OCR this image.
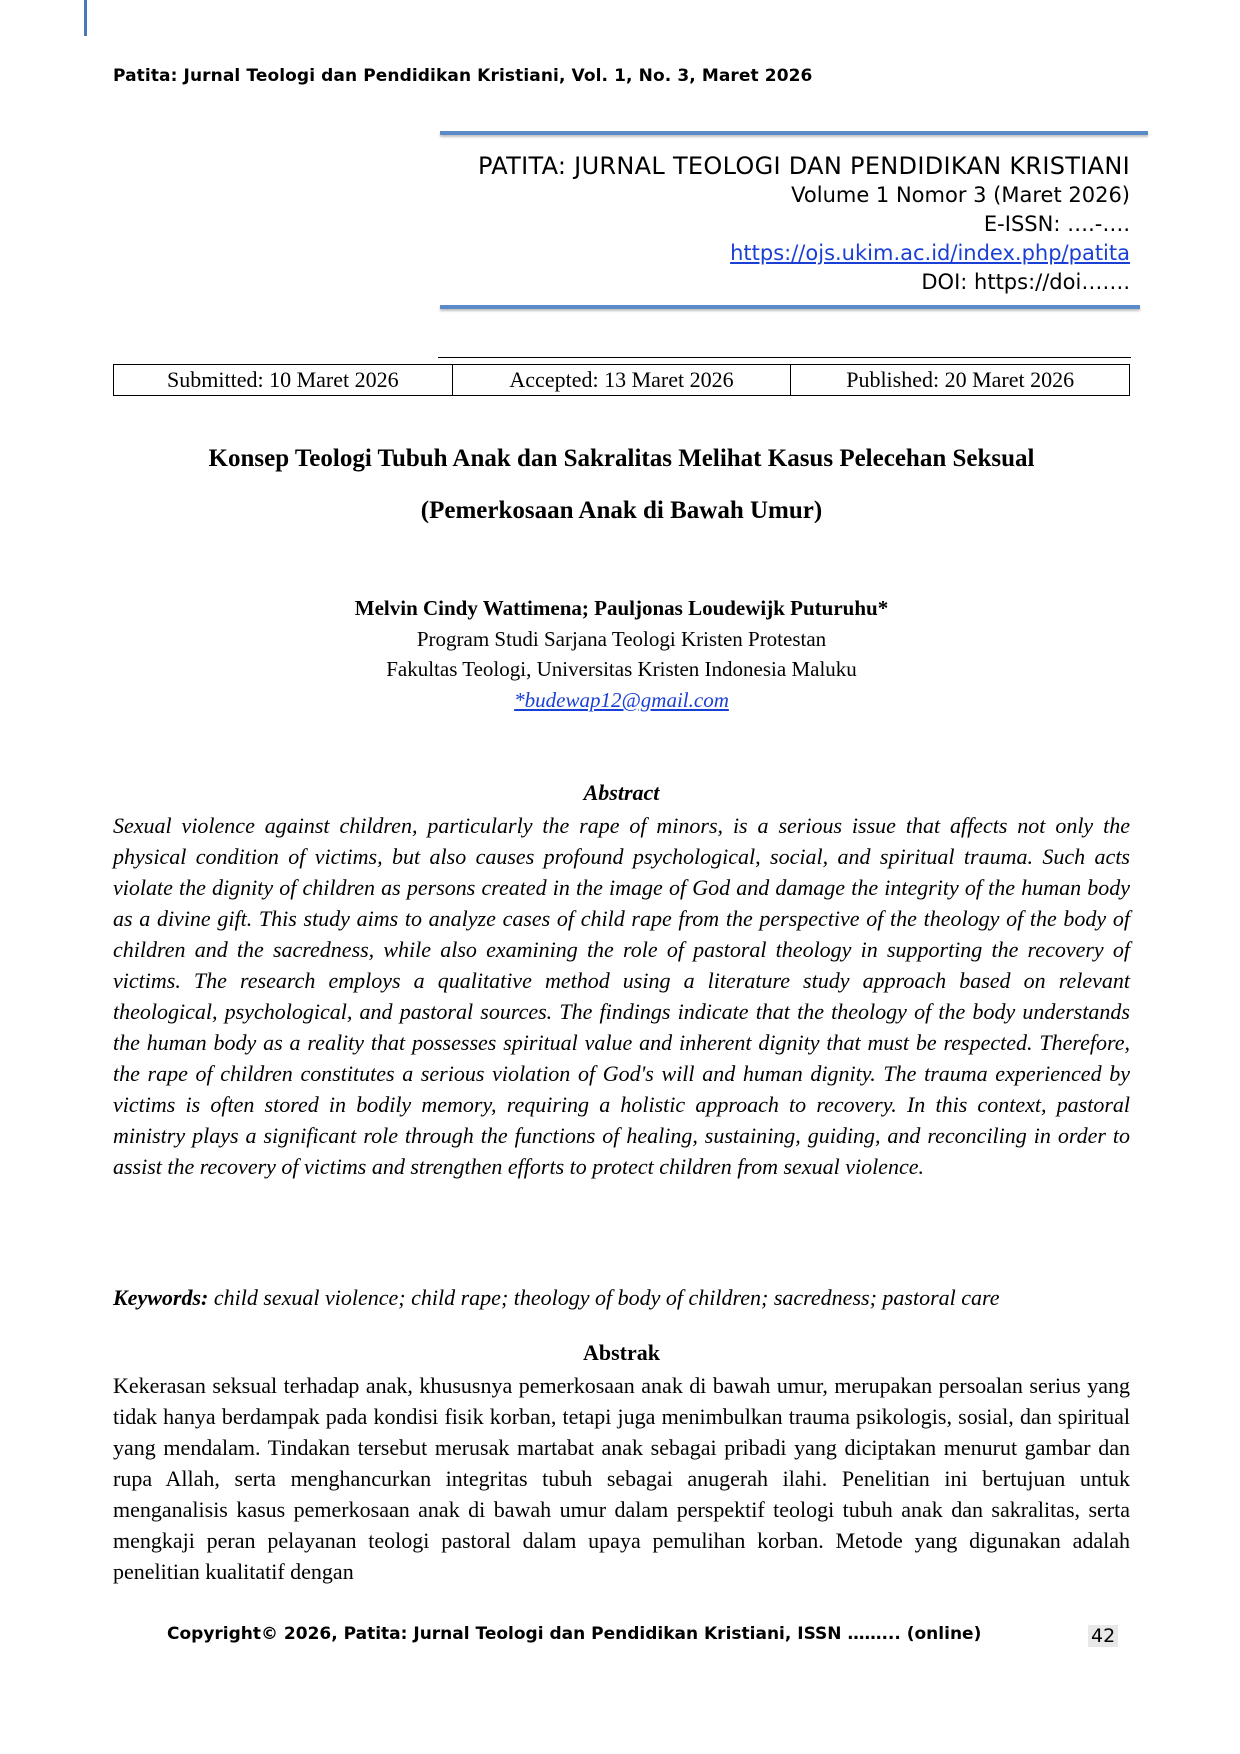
Patita: Jurnal Teologi dan Pendidikan Kristiani, Vol. 1, No. 3, Maret 2026
PATITA: JURNAL TEOLOGI DAN PENDIDIKAN KRISTIANI
Volume 1 Nomor 3 (Maret 2026)
E-ISSN: ….-….
https://ojs.ukim.ac.id/index.php/patita
DOI: https://doi…….
Submitted: 10 Maret 2026	Accepted: 13 Maret 2026	Published: 20 Maret 2026
Konsep Teologi Tubuh Anak dan Sakralitas Melihat Kasus Pelecehan Seksual
(Pemerkosaan Anak di Bawah Umur)
Melvin Cindy Wattimena; Pauljonas Loudewijk Puturuhu*
Program Studi Sarjana Teologi Kristen Protestan
Fakultas Teologi, Universitas Kristen Indonesia Maluku
*budewap12@gmail.com
Abstract
Sexual violence against children, particularly the rape of minors, is a serious issue that affects not only the physical condition of victims, but also causes profound psychological, social, and spiritual trauma. Such acts violate the dignity of children as persons created in the image of God and damage the integrity of the human body as a divine gift. This study aims to analyze cases of child rape from the perspective of the theology of the body of children and the sacredness, while also examining the role of pastoral theology in supporting the recovery of victims. The research employs a qualitative method using a literature study approach based on relevant theological, psychological, and pastoral sources. The findings indicate that the theology of the body understands the human body as a reality that possesses spiritual value and inherent dignity that must be respected. Therefore, the rape of children constitutes a serious violation of God's will and human dignity. The trauma experienced by victims is often stored in bodily memory, requiring a holistic approach to recovery. In this context, pastoral ministry plays a significant role through the functions of healing, sustaining, guiding, and reconciling in order to assist the recovery of victims and strengthen efforts to protect children from sexual violence.
Keywords: child sexual violence; child rape; theology of body of children; sacredness; pastoral care
Abstrak
Kekerasan seksual terhadap anak, khususnya pemerkosaan anak di bawah umur, merupakan persoalan serius yang tidak hanya berdampak pada kondisi fisik korban, tetapi juga menimbulkan trauma psikologis, sosial, dan spiritual yang mendalam. Tindakan tersebut merusak martabat anak sebagai pribadi yang diciptakan menurut gambar dan rupa Allah, serta menghancurkan integritas tubuh sebagai anugerah ilahi. Penelitian ini bertujuan untuk menganalisis kasus pemerkosaan anak di bawah umur dalam perspektif teologi tubuh anak dan sakralitas, serta mengkaji peran pelayanan teologi pastoral dalam upaya pemulihan korban. Metode yang digunakan adalah penelitian kualitatif dengan
Copyright© 2026, Patita: Jurnal Teologi dan Pendidikan Kristiani, ISSN ……... (online)	42
